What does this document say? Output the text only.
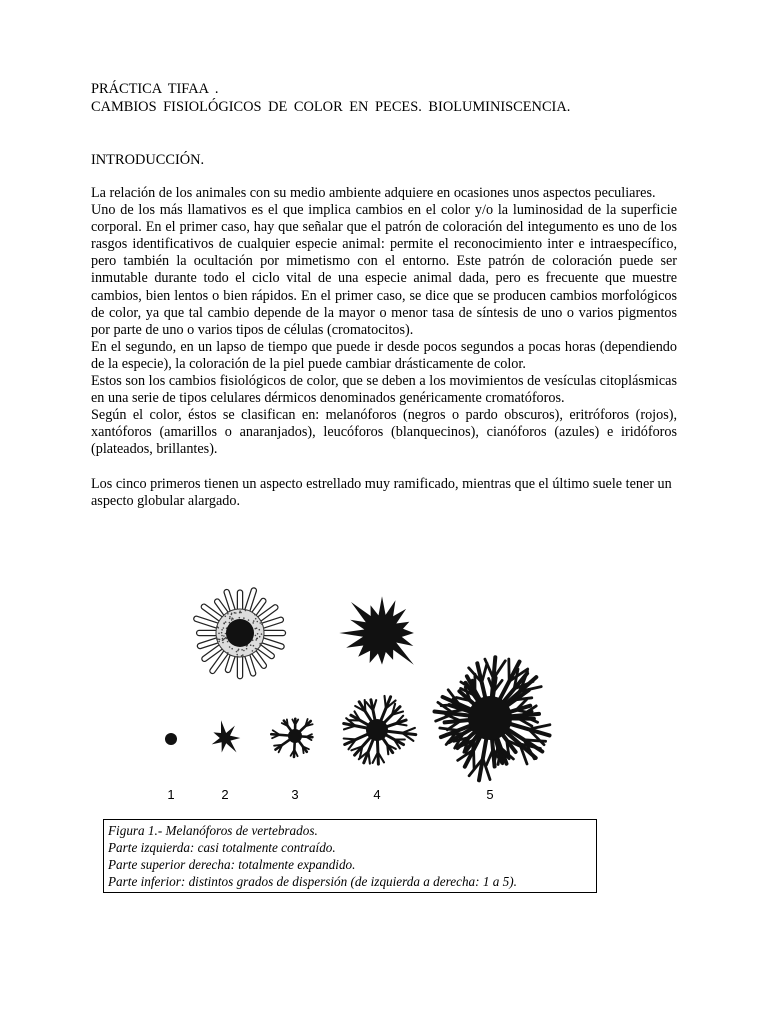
PRÁCTICA TIFAA .
CAMBIOS FISIOLÓGICOS DE COLOR EN PECES. BIOLUMINISCENCIA.
INTRODUCCIÓN.

La relación de los animales con su medio ambiente adquiere en ocasiones unos aspectos peculiares.

Uno de los más llamativos es el que implica cambios en el color y/o la luminosidad de la superficie corporal. En el primer caso, hay que señalar que el patrón de coloración del integumento es uno de los rasgos identificativos de cualquier especie animal: permite el reconocimiento inter e intraespecífico, pero también la ocultación por mimetismo con el entorno. Este patrón de coloración puede ser inmutable durante todo el ciclo vital de una especie animal dada, pero es frecuente que muestre cambios, bien lentos o bien rápidos. En el primer caso, se dice que se producen cambios morfológicos de color, ya que tal cambio depende de la mayor o menor tasa de síntesis de uno o varios pigmentos por parte de uno o varios tipos de células (cromatocitos).

En el segundo, en un lapso de tiempo que puede ir desde pocos segundos a pocas horas (dependiendo de la especie), la coloración de la piel puede cambiar drásticamente de color.

Estos son los cambios fisiológicos de color, que se deben a los movimientos de vesículas citoplásmicas en una serie de tipos celulares dérmicos denominados genéricamente cromatóforos.

Según el color, éstos se clasifican en: melanóforos (negros o pardo obscuros), eritróforos (rojos), xantóforos (amarillos o anaranjados), leucóforos (blanquecinos), cianóforos (azules) e iridóforos (plateados, brillantes).

Los cinco primeros tienen un aspecto estrellado muy ramificado, mientras que el último suele tener un aspecto globular alargado.

1	2	3	4	5
Figura 1.- Melanóforos de vertebrados.
Parte izquierda: casi totalmente contraído.
Parte superior derecha: totalmente expandido.
Parte inferior: distintos grados de dispersión (de izquierda a derecha: 1 a 5).
